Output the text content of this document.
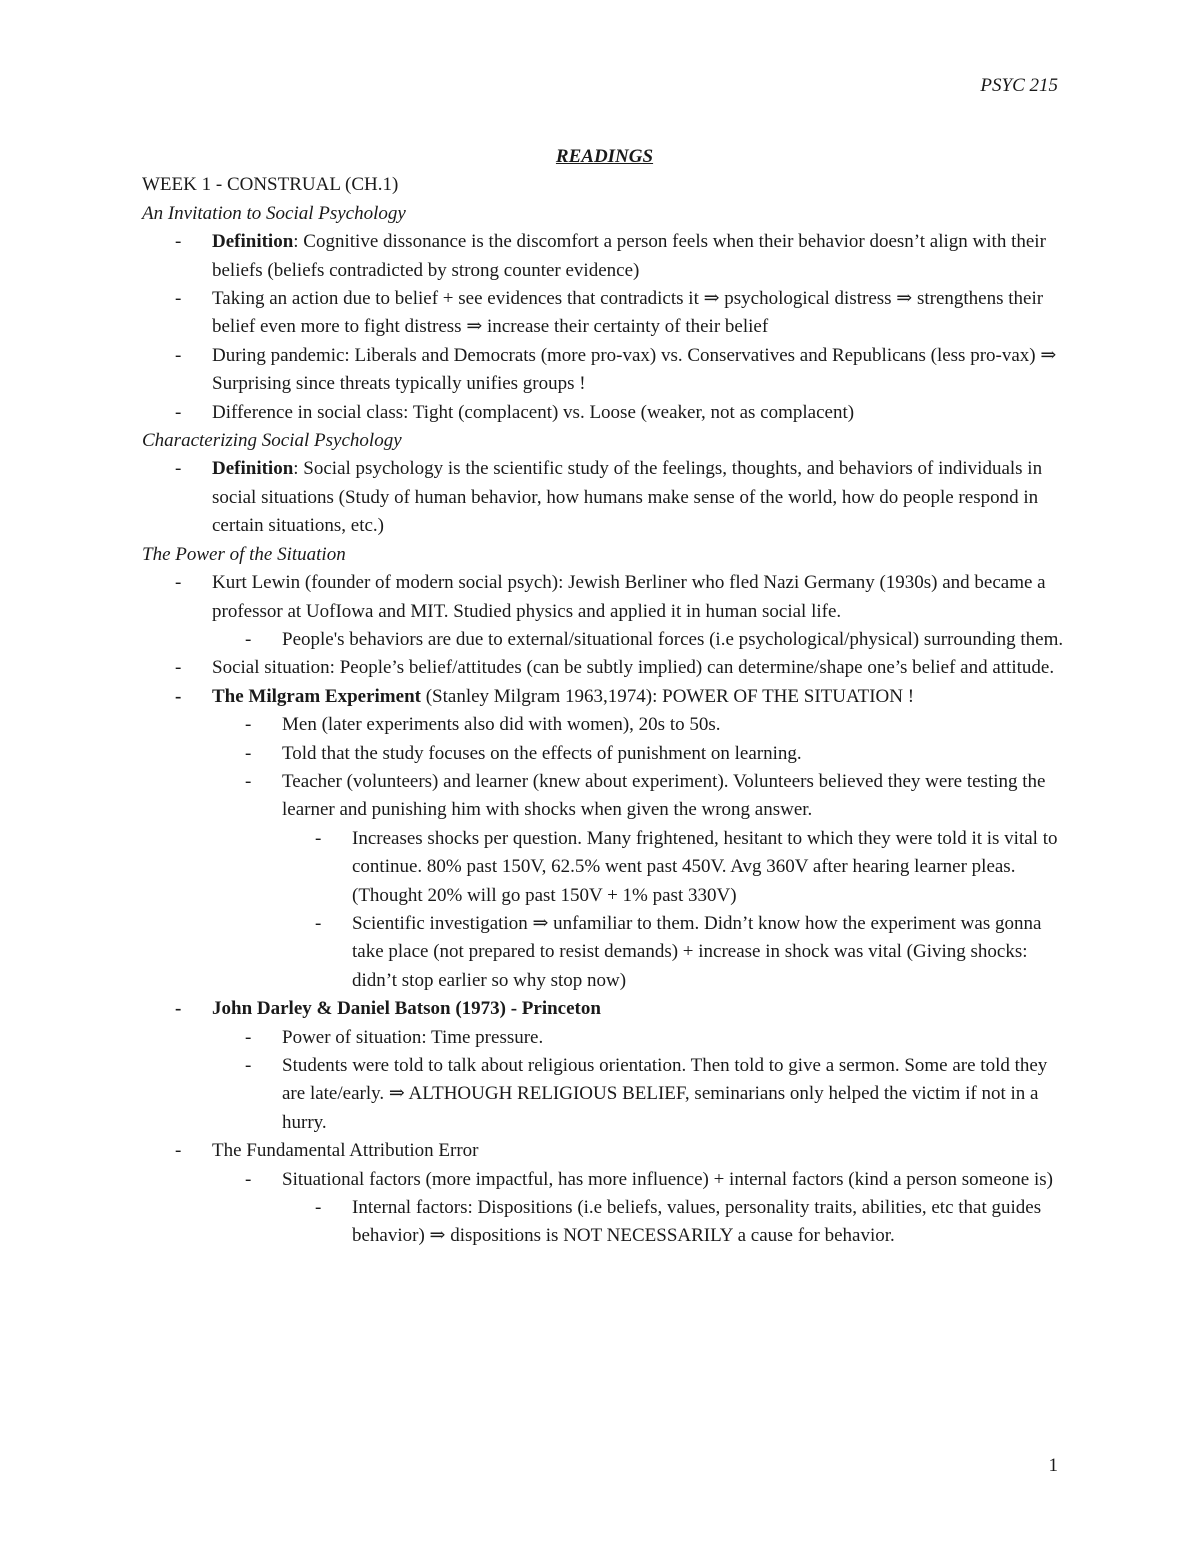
PSYC 215

READINGS

WEEK 1 - CONSTRUAL (CH.1)

An Invitation to Social Psychology

- Definition: Cognitive dissonance is the discomfort a person feels when their behavior doesn’t align with their beliefs (beliefs contradicted by strong counter evidence)
- Taking an action due to belief + see evidences that contradicts it ⇒ psychological distress ⇒ strengthens their belief even more to fight distress ⇒ increase their certainty of their belief
- During pandemic: Liberals and Democrats (more pro-vax) vs. Conservatives and Republicans (less pro-vax) ⇒ Surprising since threats typically unifies groups !
- Difference in social class: Tight (complacent) vs. Loose (weaker, not as complacent)

Characterizing Social Psychology

- Definition: Social psychology is the scientific study of the feelings, thoughts, and behaviors of individuals in social situations (Study of human behavior, how humans make sense of the world, how do people respond in certain situations, etc.)

The Power of the Situation

- Kurt Lewin (founder of modern social psych): Jewish Berliner who fled Nazi Germany (1930s) and became a professor at UofIowa and MIT. Studied physics and applied it in human social life.
- People's behaviors are due to external/situational forces (i.e psychological/physical) surrounding them.
- Social situation: People’s belief/attitudes (can be subtly implied) can determine/shape one’s belief and attitude.
- The Milgram Experiment (Stanley Milgram 1963,1974): POWER OF THE SITUATION !
- Men (later experiments also did with women), 20s to 50s.
- Told that the study focuses on the effects of punishment on learning.
- Teacher (volunteers) and learner (knew about experiment). Volunteers believed they were testing the learner and punishing him with shocks when given the wrong answer.
- Increases shocks per question. Many frightened, hesitant to which they were told it is vital to continue. 80% past 150V, 62.5% went past 450V. Avg 360V after hearing learner pleas. (Thought 20% will go past 150V + 1% past 330V)
- Scientific investigation ⇒ unfamiliar to them. Didn’t know how the experiment was gonna take place (not prepared to resist demands) + increase in shock was vital (Giving shocks: didn’t stop earlier so why stop now)
- John Darley & Daniel Batson (1973) - Princeton
- Power of situation: Time pressure.
- Students were told to talk about religious orientation. Then told to give a sermon. Some are told they are late/early. ⇒ ALTHOUGH RELIGIOUS BELIEF, seminarians only helped the victim if not in a hurry.
- The Fundamental Attribution Error
- Situational factors (more impactful, has more influence) + internal factors (kind a person someone is)
- Internal factors: Dispositions (i.e beliefs, values, personality traits, abilities, etc that guides behavior) ⇒ dispositions is NOT NECESSARILY a cause for behavior.
1
